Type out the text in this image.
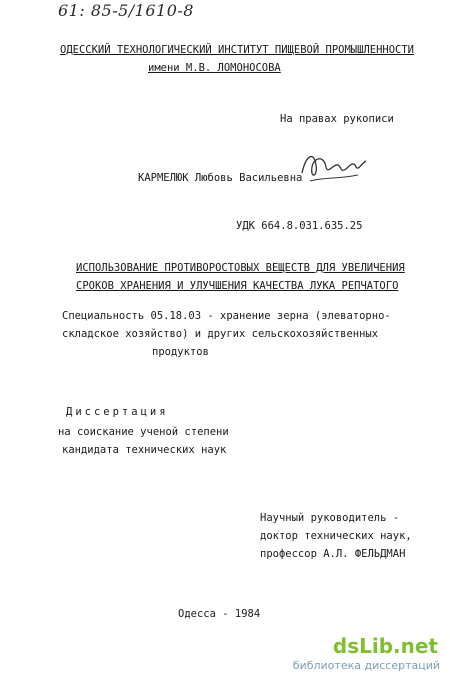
61: 85-5/1610-8
ОДЕССКИЙ ТЕХНОЛОГИЧЕСКИЙ ИНСТИТУТ ПИЩЕВОЙ ПРОМЫШЛЕННОСТИ
имени М.В. ЛОМОНОСОВА
На правах рукописи
КАРМЕЛЮК Любовь Васильевна
УДК 664.8.031.635.25
ИСПОЛЬЗОВАНИЕ ПРОТИВОРОСТОВЫХ ВЕЩЕСТВ ДЛЯ УВЕЛИЧЕНИЯ
СРОКОВ ХРАНЕНИЯ И УЛУЧШЕНИЯ КАЧЕСТВА ЛУКА РЕПЧАТОГО
Специальность 05.18.03 - хранение зерна (элеваторно-
складское хозяйство) и других сельскохозяйственных
продуктов
Диссертация
на соискание ученой степени
кандидата технических наук
Научный руководитель -
доктор технических наук,
профессор А.Л. ФЕЛЬДМАН
Одесса - 1984
dsLib.net
библиотека диссертаций
